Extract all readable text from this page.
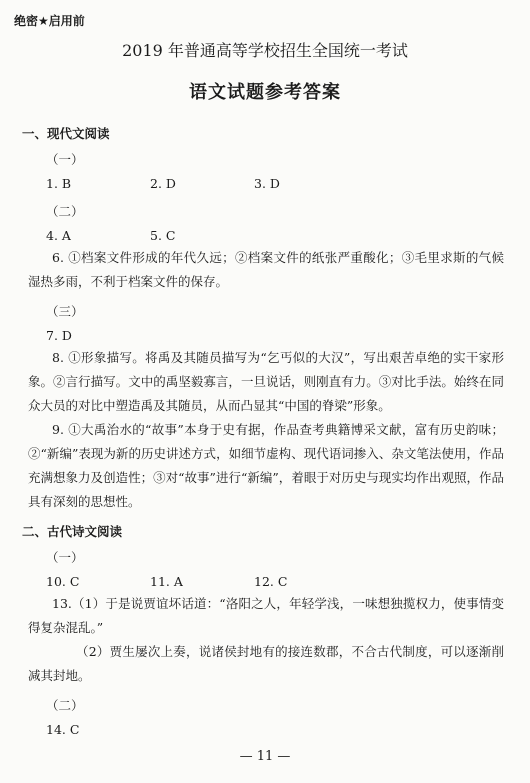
绝密★启用前
2019 年普通高等学校招生全国统一考试
语文试题参考答案
一、现代文阅读
（一）
1. B	2. D	3. D
（二）
4. A	5. C
6. ①档案文件形成的年代久远；②档案文件的纸张严重酸化；③毛里求斯的气候湿热多雨，不利于档案文件的保存。
（三）
7. D
8. ①形象描写。将禹及其随员描写为“乞丐似的大汉”，写出艰苦卓绝的实干家形象。②言行描写。文中的禹坚毅寡言，一旦说话，则刚直有力。③对比手法。始终在同众大员的对比中塑造禹及其随员，从而凸显其“中国的脊梁”形象。
9. ①大禹治水的“故事”本身于史有据，作品查考典籍博采文献，富有历史韵味；②“新编”表现为新的历史讲述方式，如细节虚构、现代语词掺入、杂文笔法使用，作品充满想象力及创造性；③对“故事”进行“新编”，着眼于对历史与现实均作出观照，作品具有深刻的思想性。
二、古代诗文阅读
（一）
10. C	11. A	12. C
13.（1）于是说贾谊坏话道：“洛阳之人，年轻学浅，一味想独揽权力，使事情变得复杂混乱。”
（2）贾生屡次上奏，说诸侯封地有的接连数郡，不合古代制度，可以逐渐削减其封地。
（二）
14. C
— 11 —
